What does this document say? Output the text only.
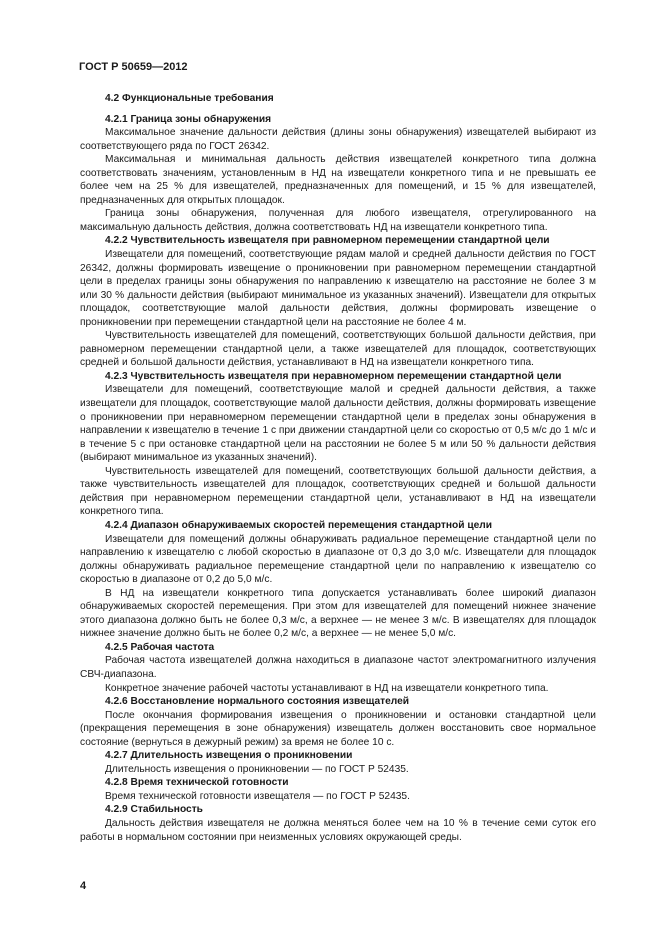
ГОСТ Р 50659—2012
4.2 Функциональные требования
4.2.1 Граница зоны обнаружения
Максимальное значение дальности действия (длины зоны обнаружения) извещателей выбирают из соответствующего ряда по ГОСТ 26342.
Максимальная и минимальная дальность действия извещателей конкретного типа должна соответствовать значениям, установленным в НД на извещатели конкретного типа и не превышать ее более чем на 25 % для извещателей, предназначенных для помещений, и 15 % для извещателей, предназначенных для открытых площадок.
Граница зоны обнаружения, полученная для любого извещателя, отрегулированного на максимальную дальность действия, должна соответствовать НД на извещатели конкретного типа.
4.2.2 Чувствительность извещателя при равномерном перемещении стандартной цели
Извещатели для помещений, соответствующие рядам малой и средней дальности действия по ГОСТ 26342, должны формировать извещение о проникновении при равномерном перемещении стандартной цели в пределах границы зоны обнаружения по направлению к извещателю на расстояние не более 3 м или 30 % дальности действия (выбирают минимальное из указанных значений). Извещатели для открытых площадок, соответствующие малой дальности действия, должны формировать извещение о проникновении при перемещении стандартной цели на расстояние не более 4 м.
Чувствительность извещателей для помещений, соответствующих большой дальности действия, при равномерном перемещении стандартной цели, а также извещателей для площадок, соответствующих средней и большой дальности действия, устанавливают в НД на извещатели конкретного типа.
4.2.3 Чувствительность извещателя при неравномерном перемещении стандартной цели
Извещатели для помещений, соответствующие малой и средней дальности действия, а также извещатели для площадок, соответствующие малой дальности действия, должны формировать извещение о проникновении при неравномерном перемещении стандартной цели в пределах зоны обнаружения в направлении к извещателю в течение 1 с при движении стандартной цели со скоростью от 0,5 м/с до 1 м/с и в течение 5 с при остановке стандартной цели на расстоянии не более 5 м или 50 % дальности действия (выбирают минимальное из указанных значений).
Чувствительность извещателей для помещений, соответствующих большой дальности действия, а также чувствительность извещателей для площадок, соответствующих средней и большой дальности действия при неравномерном перемещении стандартной цели, устанавливают в НД на извещатели конкретного типа.
4.2.4 Диапазон обнаруживаемых скоростей перемещения стандартной цели
Извещатели для помещений должны обнаруживать радиальное перемещение стандартной цели по направлению к извещателю с любой скоростью в диапазоне от 0,3 до 3,0 м/с. Извещатели для площадок должны обнаруживать радиальное перемещение стандартной цели по направлению к извещателю со скоростью в диапазоне от 0,2 до 5,0 м/с.
В НД на извещатели конкретного типа допускается устанавливать более широкий диапазон обнаруживаемых скоростей перемещения. При этом для извещателей для помещений нижнее значение этого диапазона должно быть не более 0,3 м/с, а верхнее — не менее 3 м/с. В извещателях для площадок нижнее значение должно быть не более 0,2 м/с, а верхнее — не менее 5,0 м/с.
4.2.5 Рабочая частота
Рабочая частота извещателей должна находиться в диапазоне частот электромагнитного излучения СВЧ-диапазона.
Конкретное значение рабочей частоты устанавливают в НД на извещатели конкретного типа.
4.2.6 Восстановление нормального состояния извещателей
После окончания формирования извещения о проникновении и остановки стандартной цели (прекращения перемещения в зоне обнаружения) извещатель должен восстановить свое нормальное состояние (вернуться в дежурный режим) за время не более 10 с.
4.2.7 Длительность извещения о проникновении
Длительность извещения о проникновении — по ГОСТ Р 52435.
4.2.8 Время технической готовности
Время технической готовности извещателя — по ГОСТ Р 52435.
4.2.9 Стабильность
Дальность действия извещателя не должна меняться более чем на 10 % в течение семи суток его работы в нормальном состоянии при неизменных условиях окружающей среды.
4
